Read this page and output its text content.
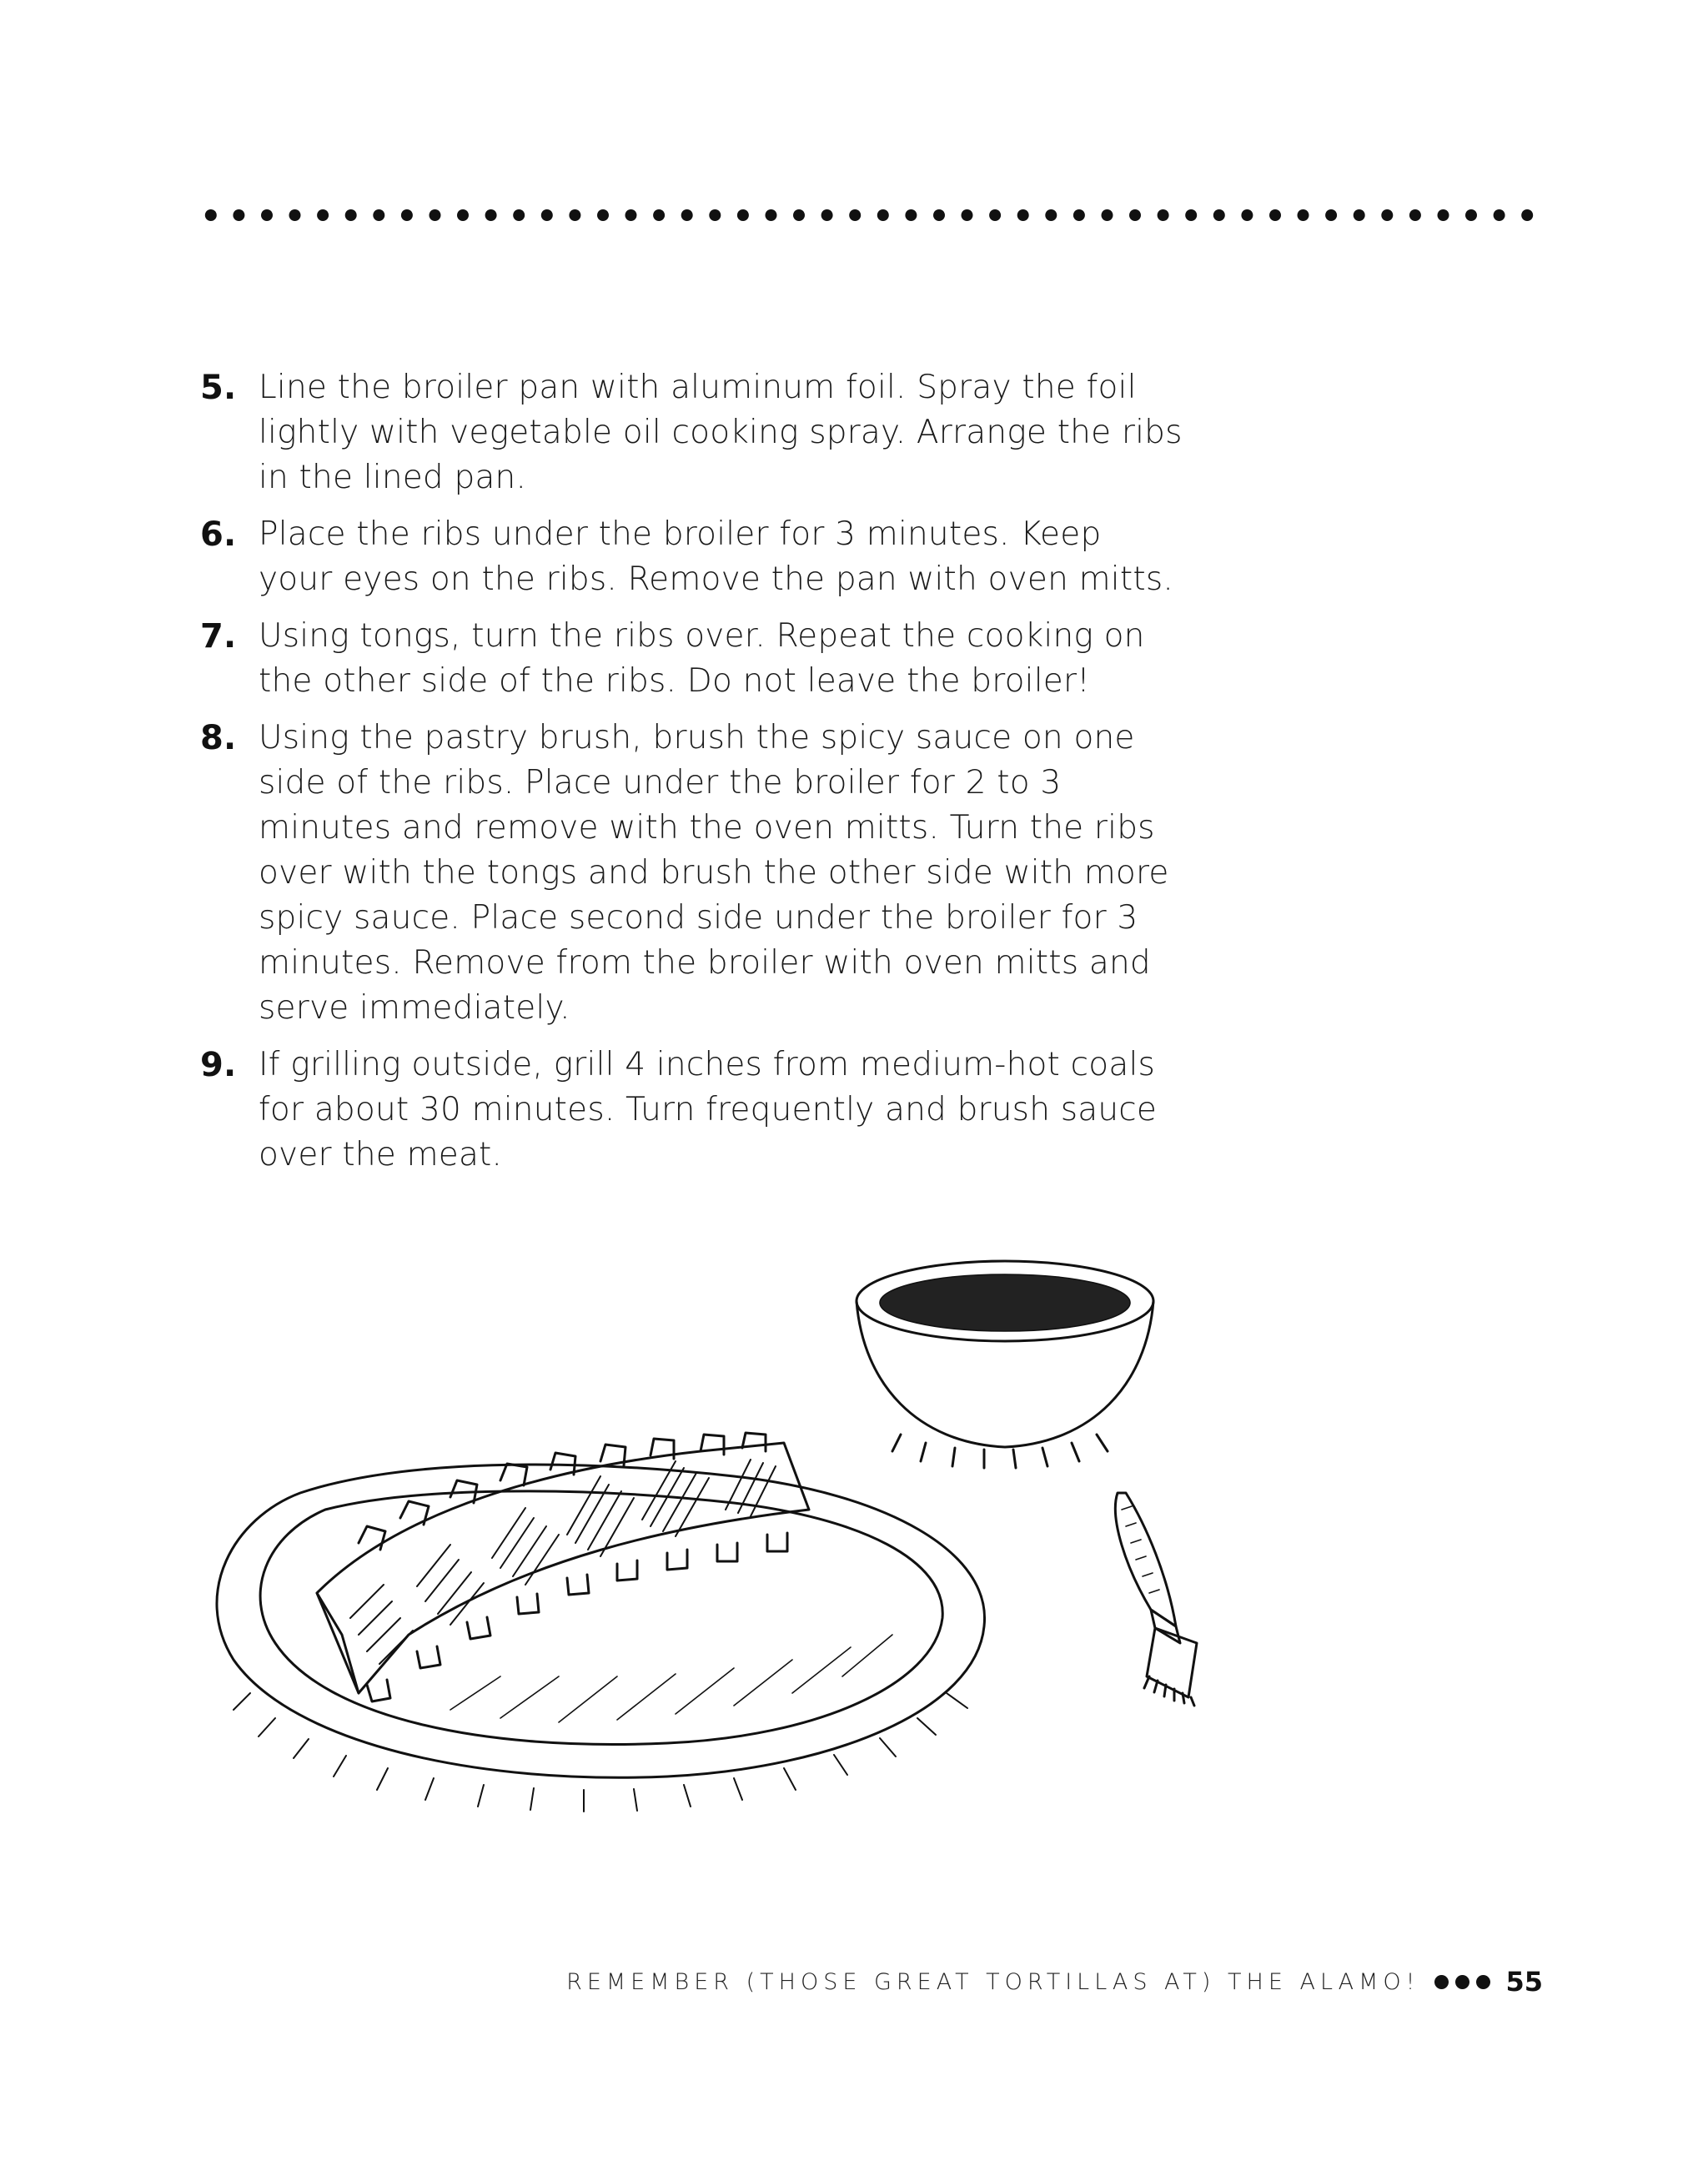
5. Line the broiler pan with aluminum foil. Spray the foil lightly with vegetable oil cooking spray. Arrange the ribs in the lined pan.
6. Place the ribs under the broiler for 3 minutes. Keep your eyes on the ribs. Remove the pan with oven mitts.
7. Using tongs, turn the ribs over. Repeat the cooking on the other side of the ribs. Do not leave the broiler!
8. Using the pastry brush, brush the spicy sauce on one side of the ribs. Place under the broiler for 2 to 3 minutes and remove with the oven mitts. Turn the ribs over with the tongs and brush the other side with more spicy sauce. Place second side under the broiler for 3 minutes. Remove from the broiler with oven mitts and serve immediately.
9. If grilling outside, grill 4 inches from medium-hot coals for about 30 minutes. Turn frequently and brush sauce over the meat.
REMEMBER (THOSE GREAT TORTILLAS AT) THE ALAMO!	55
